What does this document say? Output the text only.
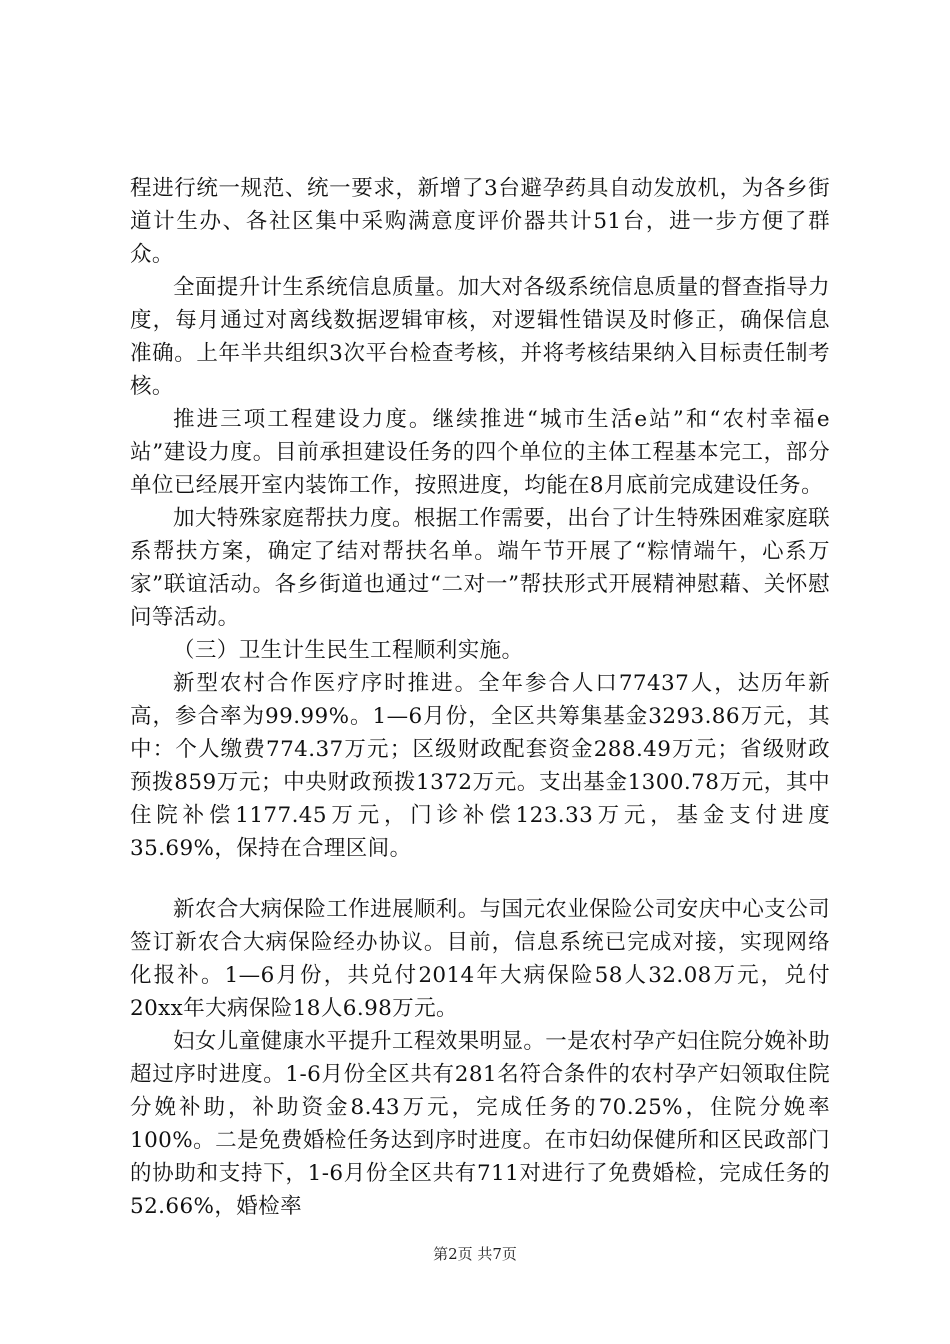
程进行统一规范、统一要求，新增了3台避孕药具自动发放机，为各乡街道计生办、各社区集中采购满意度评价器共计51台，进一步方便了群众。

全面提升计生系统信息质量。加大对各级系统信息质量的督查指导力度，每月通过对离线数据逻辑审核，对逻辑性错误及时修正，确保信息准确。上年半共组织3次平台检查考核，并将考核结果纳入目标责任制考核。

推进三项工程建设力度。继续推进“城市生活e站”和“农村幸福e站”建设力度。目前承担建设任务的四个单位的主体工程基本完工，部分单位已经展开室内装饰工作，按照进度，均能在8月底前完成建设任务。

加大特殊家庭帮扶力度。根据工作需要，出台了计生特殊困难家庭联系帮扶方案，确定了结对帮扶名单。端午节开展了“粽情端午，心系万家”联谊活动。各乡街道也通过“二对一”帮扶形式开展精神慰藉、关怀慰问等活动。

（三）卫生计生民生工程顺利实施。

新型农村合作医疗序时推进。全年参合人口77437人，达历年新高，参合率为99.99%。1—6月份，全区共筹集基金3293.86万元，其中：个人缴费774.37万元；区级财政配套资金288.49万元；省级财政预拨859万元；中央财政预拨1372万元。支出基金1300.78万元，其中住院补偿1177.45万元，门诊补偿123.33万元，基金支付进度35.69%，保持在合理区间。

新农合大病保险工作进展顺利。与国元农业保险公司安庆中心支公司签订新农合大病保险经办协议。目前，信息系统已完成对接，实现网络化报补。1—6月份，共兑付2014年大病保险58人32.08万元，兑付20xx年大病保险18人6.98万元。

妇女儿童健康水平提升工程效果明显。一是农村孕产妇住院分娩补助超过序时进度。1-6月份全区共有281名符合条件的农村孕产妇领取住院分娩补助，补助资金8.43万元，完成任务的70.25%，住院分娩率100%。二是免费婚检任务达到序时进度。在市妇幼保健所和区民政部门的协助和支持下，1-6月份全区共有711对进行了免费婚检，完成任务的52.66%，婚检率

第2页 共7页
